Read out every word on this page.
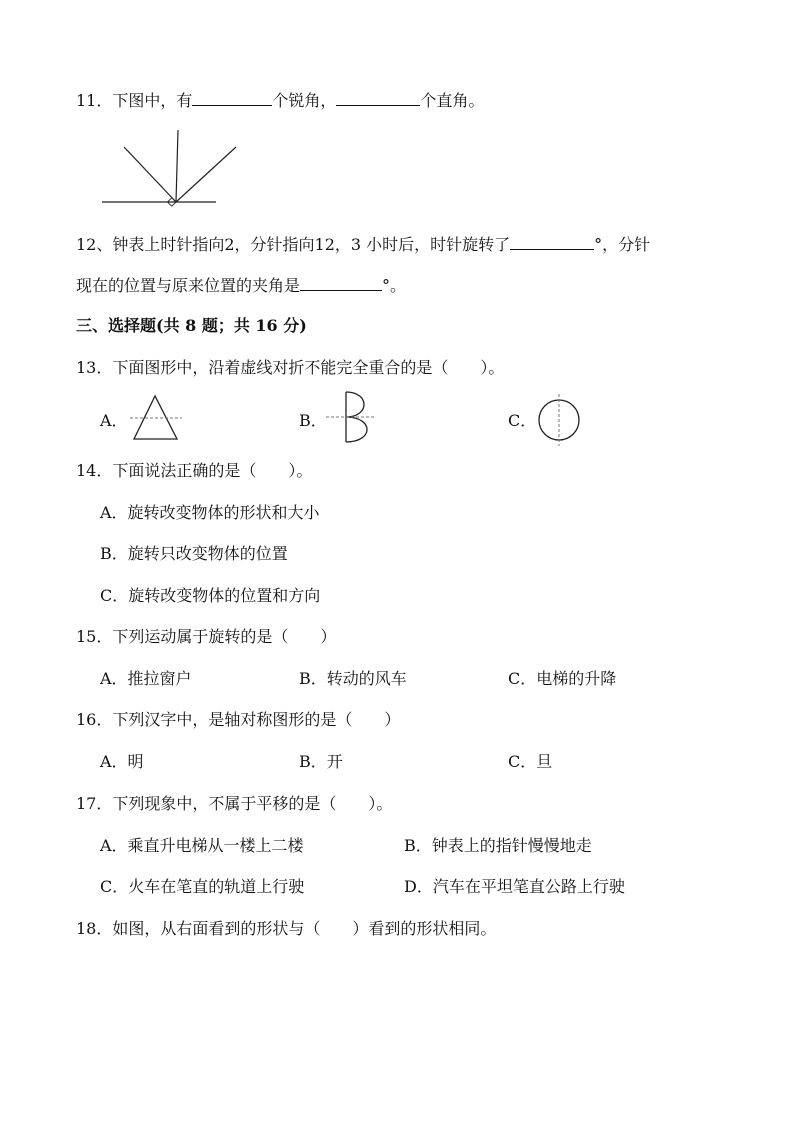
11．下图中，有	个锐角，	个直角。
12、钟表上时针指向2，分针指向12，3 小时后，时针旋转了	°，分针
现在的位置与原来位置的夹角是	°。
三、选择题(共 8 题；共 16 分)
13．下面图形中，沿着虚线对折不能完全重合的是（　　）。
A．	B．	C．
14．下面说法正确的是（　　）。
A．旋转改变物体的形状和大小
B．旋转只改变物体的位置
C．旋转改变物体的位置和方向
15．下列运动属于旋转的是（　　）
A．推拉窗户	B．转动的风车	C．电梯的升降
16．下列汉字中，是轴对称图形的是（　　）
A．明	B．开	C．旦
17．下列现象中，不属于平移的是（　　）。
A．乘直升电梯从一楼上二楼	B．钟表上的指针慢慢地走
C．火车在笔直的轨道上行驶	D．汽车在平坦笔直公路上行驶
18．如图，从右面看到的形状与（　　）看到的形状相同。
